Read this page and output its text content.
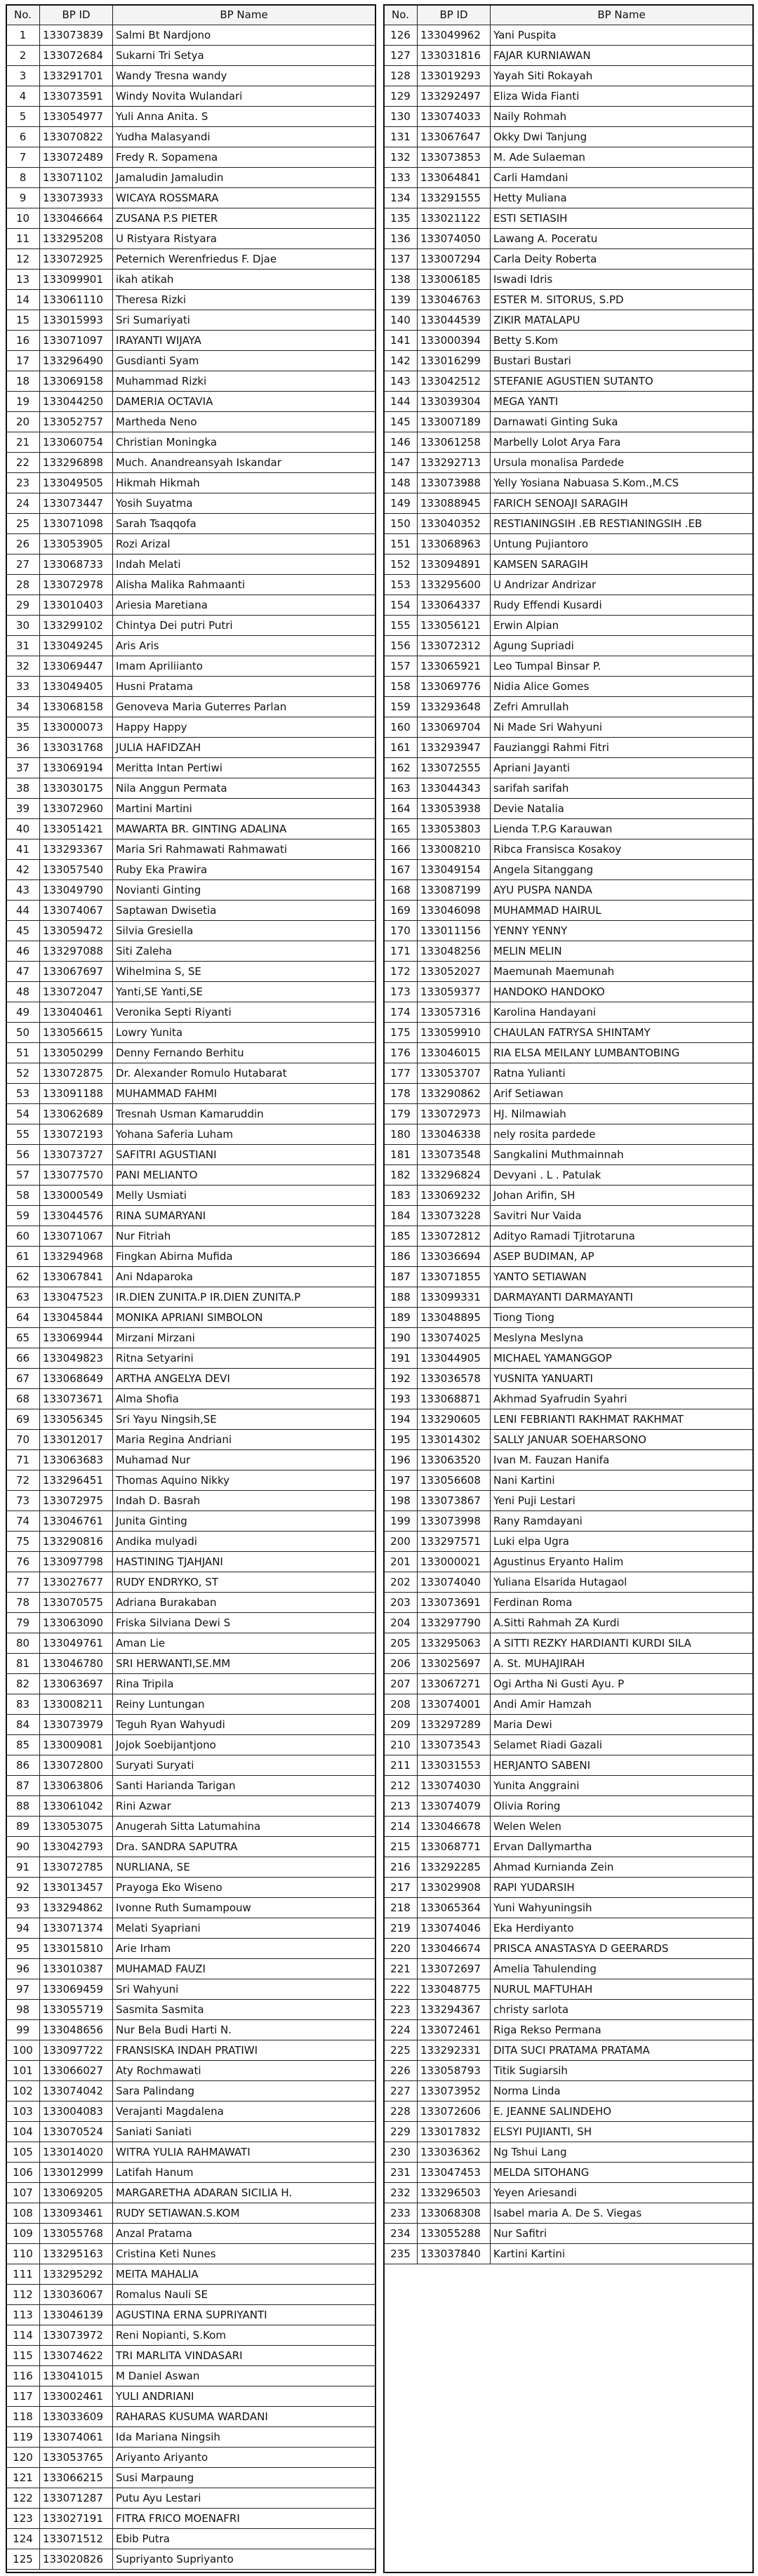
No.	BP ID	BP Name
1	133073839	Salmi Bt Nardjono
2	133072684	Sukarni Tri Setya
3	133291701	Wandy Tresna wandy
4	133073591	Windy Novita Wulandari
5	133054977	Yuli Anna Anita. S
6	133070822	Yudha Malasyandi
7	133072489	Fredy R. Sopamena
8	133071102	Jamaludin Jamaludin
9	133073933	WICAYA ROSSMARA
10	133046664	ZUSANA P.S PIETER
11	133295208	U Ristyara Ristyara
12	133072925	Peternich Werenfriedus F. Djae
13	133099901	ikah atikah
14	133061110	Theresa Rizki
15	133015993	Sri Sumariyati
16	133071097	IRAYANTI WIJAYA
17	133296490	Gusdianti Syam
18	133069158	Muhammad Rizki
19	133044250	DAMERIA OCTAVIA
20	133052757	Martheda Neno
21	133060754	Christian Moningka
22	133296898	Much. Anandreansyah Iskandar
23	133049505	Hikmah Hikmah
24	133073447	Yosih Suyatma
25	133071098	Sarah Tsaqqofa
26	133053905	Rozi Arizal
27	133068733	Indah Melati
28	133072978	Alisha Malika Rahmaanti
29	133010403	Ariesia Maretiana
30	133299102	Chintya Dei putri Putri
31	133049245	Aris Aris
32	133069447	Imam Apriliianto
33	133049405	Husni Pratama
34	133068158	Genoveva Maria Guterres Parlan
35	133000073	Happy Happy
36	133031768	JULIA HAFIDZAH
37	133069194	Meritta Intan Pertiwi
38	133030175	Nila Anggun Permata
39	133072960	Martini Martini
40	133051421	MAWARTA BR. GINTING ADALINA
41	133293367	Maria Sri Rahmawati Rahmawati
42	133057540	Ruby Eka Prawira
43	133049790	Novianti Ginting
44	133074067	Saptawan Dwisetia
45	133059472	Silvia Gresiella
46	133297088	Siti Zaleha
47	133067697	Wihelmina S, SE
48	133072047	Yanti,SE Yanti,SE
49	133040461	Veronika Septi Riyanti
50	133056615	Lowry Yunita
51	133050299	Denny Fernando Berhitu
52	133072875	Dr. Alexander Romulo Hutabarat
53	133091188	MUHAMMAD FAHMI
54	133062689	Tresnah Usman Kamaruddin
55	133072193	Yohana Saferia Luham
56	133073727	SAFITRI AGUSTIANI
57	133077570	PANI MELIANTO
58	133000549	Melly Usmiati
59	133044576	RINA SUMARYANI
60	133071067	Nur Fitriah
61	133294968	Fingkan Abirna Mufida
62	133067841	Ani Ndaparoka
63	133047523	IR.DIEN ZUNITA.P IR.DIEN ZUNITA.P
64	133045844	MONIKA APRIANI SIMBOLON
65	133069944	Mirzani Mirzani
66	133049823	Ritna Setyarini
67	133068649	ARTHA ANGELYA DEVI
68	133073671	Alma Shofia
69	133056345	Sri Yayu Ningsih,SE
70	133012017	Maria Regina Andriani
71	133063683	Muhamad Nur
72	133296451	Thomas Aquino Nikky
73	133072975	Indah D. Basrah
74	133046761	Junita Ginting
75	133290816	Andika mulyadi
76	133097798	HASTINING TJAHJANI
77	133027677	RUDY ENDRYKO, ST
78	133070575	Adriana Burakaban
79	133063090	Friska Silviana Dewi S
80	133049761	Aman Lie
81	133046780	SRI HERWANTI,SE.MM
82	133063697	Rina Tripila
83	133008211	Reiny Luntungan
84	133073979	Teguh Ryan Wahyudi
85	133009081	Jojok Soebijantjono
86	133072800	Suryati Suryati
87	133063806	Santi Harianda Tarigan
88	133061042	Rini Azwar
89	133053075	Anugerah Sitta Latumahina
90	133042793	Dra. SANDRA SAPUTRA
91	133072785	NURLIANA, SE
92	133013457	Prayoga Eko Wiseno
93	133294862	Ivonne Ruth Sumampouw
94	133071374	Melati Syapriani
95	133015810	Arie Irham
96	133010387	MUHAMAD FAUZI
97	133069459	Sri Wahyuni
98	133055719	Sasmita Sasmita
99	133048656	Nur Bela Budi Harti N.
100	133097722	FRANSISKA INDAH PRATIWI
101	133066027	Aty Rochmawati
102	133074042	Sara Palindang
103	133004083	Verajanti Magdalena
104	133070524	Saniati Saniati
105	133014020	WITRA YULIA RAHMAWATI
106	133012999	Latifah Hanum
107	133069205	MARGARETHA ADARAN SICILIA H.
108	133093461	RUDY SETIAWAN.S.KOM
109	133055768	Anzal Pratama
110	133295163	Cristina Keti Nunes
111	133295292	MEITA MAHALIA
112	133036067	Romalus Nauli SE
113	133046139	AGUSTINA ERNA SUPRIYANTI
114	133073972	Reni Nopianti, S.Kom
115	133074622	TRI MARLITA VINDASARI
116	133041015	M Daniel Aswan
117	133002461	YULI ANDRIANI
118	133033609	RAHARAS KUSUMA WARDANI
119	133074061	Ida Mariana Ningsih
120	133053765	Ariyanto Ariyanto
121	133066215	Susi Marpaung
122	133071287	Putu Ayu Lestari
123	133027191	FITRA FRICO MOENAFRI
124	133071512	Ebib Putra
125	133020826	Supriyanto Supriyanto
No.	BP ID	BP Name
126	133049962	Yani Puspita
127	133031816	FAJAR KURNIAWAN
128	133019293	Yayah Siti Rokayah
129	133292497	Eliza Wida Fianti
130	133074033	Naily Rohmah
131	133067647	Okky Dwi Tanjung
132	133073853	M. Ade Sulaeman
133	133064841	Carli Hamdani
134	133291555	Hetty Muliana
135	133021122	ESTI SETIASIH
136	133074050	Lawang A. Poceratu
137	133007294	Carla Deity Roberta
138	133006185	Iswadi Idris
139	133046763	ESTER M. SITORUS, S.PD
140	133044539	ZIKIR MATALAPU
141	133000394	Betty S.Kom
142	133016299	Bustari Bustari
143	133042512	STEFANIE AGUSTIEN SUTANTO
144	133039304	MEGA YANTI
145	133007189	Darnawati Ginting Suka
146	133061258	Marbelly Lolot Arya Fara
147	133292713	Ursula monalisa Pardede
148	133073988	Yelly Yosiana Nabuasa S.Kom.,M.CS
149	133088945	FARICH SENOAJI SARAGIH
150	133040352	RESTIANINGSIH .EB RESTIANINGSIH .EB
151	133068963	Untung Pujiantoro
152	133094891	KAMSEN SARAGIH
153	133295600	U Andrizar Andrizar
154	133064337	Rudy Effendi Kusardi
155	133056121	Erwin Alpian
156	133072312	Agung Supriadi
157	133065921	Leo Tumpal Binsar P.
158	133069776	Nidia Alice Gomes
159	133293648	Zefri Amrullah
160	133069704	Ni Made Sri Wahyuni
161	133293947	Fauzianggi Rahmi Fitri
162	133072555	Apriani Jayanti
163	133044343	sarifah sarifah
164	133053938	Devie Natalia
165	133053803	Lienda T.P.G Karauwan
166	133008210	Ribca Fransisca Kosakoy
167	133049154	Angela Sitanggang
168	133087199	AYU PUSPA NANDA
169	133046098	MUHAMMAD HAIRUL
170	133011156	YENNY YENNY
171	133048256	MELIN MELIN
172	133052027	Maemunah Maemunah
173	133059377	HANDOKO HANDOKO
174	133057316	Karolina Handayani
175	133059910	CHAULAN FATRYSA SHINTAMY
176	133046015	RIA ELSA MEILANY LUMBANTOBING
177	133053707	Ratna Yulianti
178	133290862	Arif Setiawan
179	133072973	HJ. Nilmawiah
180	133046338	nely rosita pardede
181	133073548	Sangkalini Muthmainnah
182	133296824	Devyani . L . Patulak
183	133069232	Johan Arifin, SH
184	133073228	Savitri Nur Vaida
185	133072812	Adityo Ramadi Tjitrotaruna
186	133036694	ASEP BUDIMAN, AP
187	133071855	YANTO SETIAWAN
188	133099331	DARMAYANTI DARMAYANTI
189	133048895	Tiong Tiong
190	133074025	Meslyna Meslyna
191	133044905	MICHAEL YAMANGGOP
192	133036578	YUSNITA YANUARTI
193	133068871	Akhmad Syafrudin Syahri
194	133290605	LENI FEBRIANTI RAKHMAT RAKHMAT
195	133014302	SALLY JANUAR SOEHARSONO
196	133063520	Ivan M. Fauzan Hanifa
197	133056608	Nani Kartini
198	133073867	Yeni Puji Lestari
199	133073998	Rany Ramdayani
200	133297571	Luki elpa Ugra
201	133000021	Agustinus Eryanto Halim
202	133074040	Yuliana Elsarida Hutagaol
203	133073691	Ferdinan Roma
204	133297790	A.Sitti Rahmah ZA Kurdi
205	133295063	A SITTI REZKY HARDIANTI KURDI SILA
206	133025697	A. St. MUHAJIRAH
207	133067271	Ogi Artha Ni Gusti Ayu. P
208	133074001	Andi Amir Hamzah
209	133297289	Maria Dewi
210	133073543	Selamet Riadi Gazali
211	133031553	HERJANTO SABENI
212	133074030	Yunita Anggraini
213	133074079	Olivia Roring
214	133046678	Welen Welen
215	133068771	Ervan Dallymartha
216	133292285	Ahmad Kurnianda Zein
217	133029908	RAPI YUDARSIH
218	133065364	Yuni Wahyuningsih
219	133074046	Eka Herdiyanto
220	133046674	PRISCA ANASTASYA D GEERARDS
221	133072697	Amelia Tahulending
222	133048775	NURUL MAFTUHAH
223	133294367	christy sarlota
224	133072461	Riga Rekso Permana
225	133292331	DITA SUCI PRATAMA PRATAMA
226	133058793	Titik Sugiarsih
227	133073952	Norma Linda
228	133072606	E. JEANNE SALINDEHO
229	133017832	ELSYI PUJIANTI, SH
230	133036362	Ng Tshui Lang
231	133047453	MELDA SITOHANG
232	133296503	Yeyen Ariesandi
233	133068308	Isabel maria A. De S. Viegas
234	133055288	Nur Safitri
235	133037840	Kartini Kartini
